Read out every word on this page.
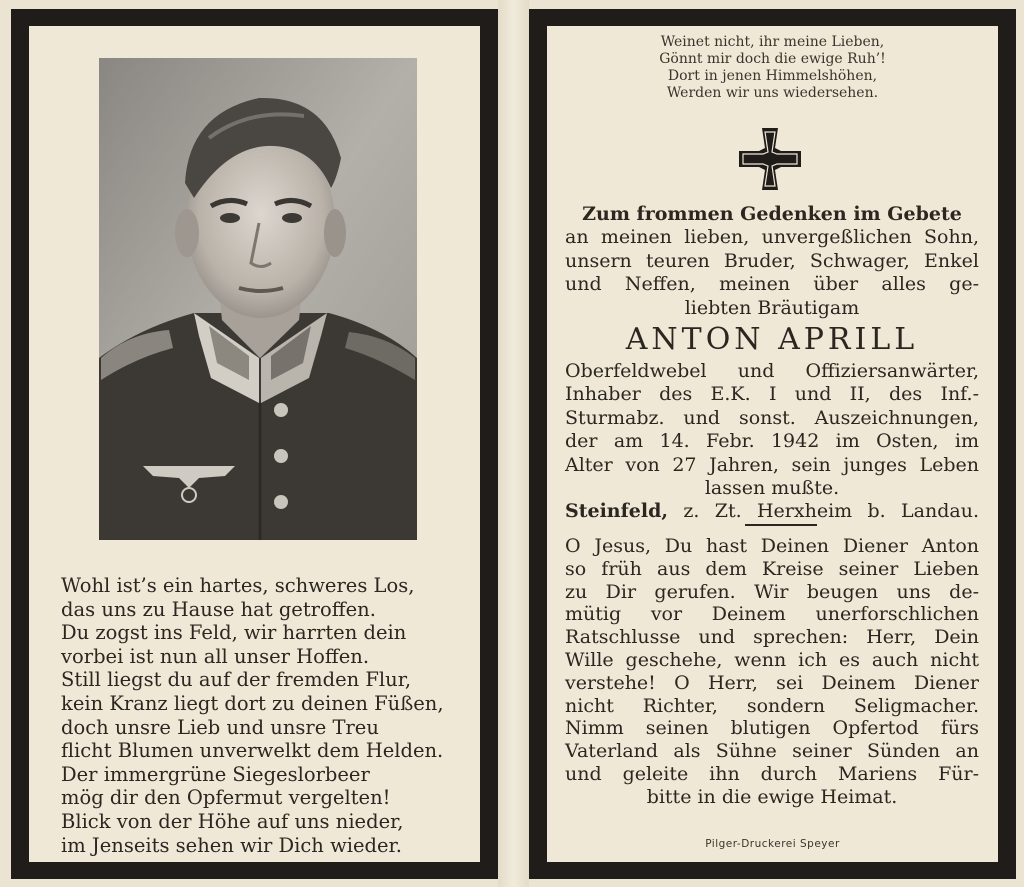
Wohl ist’s ein hartes, schweres Los,
das uns zu Hause hat getroffen.
Du zogst ins Feld, wir harrten dein
vorbei ist nun all unser Hoffen.
Still liegst du auf der fremden Flur,
kein Kranz liegt dort zu deinen Füßen,
doch unsre Lieb und unsre Treu
flicht Blumen unverwelkt dem Helden.
Der immergrüne Siegeslorbeer
mög dir den Opfermut vergelten!
Blick von der Höhe auf uns nieder,
im Jenseits sehen wir Dich wieder.
Weinet nicht, ihr meine Lieben,
Gönnt mir doch die ewige Ruh’!
Dort in jenen Himmelshöhen,
Werden wir uns wiedersehen.
1939
Zum frommen Gedenken im Gebete
an meinen lieben, unvergeßlichen Sohn,
unsern teuren Bruder, Schwager, Enkel
und Neffen, meinen über alles ge-
liebten Bräutigam
ANTON APRILL
Oberfeldwebel und Offiziersanwärter,
Inhaber des E.K. I und II, des Inf.-
Sturmabz. und sonst. Auszeichnungen,
der am 14. Febr. 1942 im Osten, im
Alter von 27 Jahren, sein junges Leben
lassen mußte.
Steinfeld, z. Zt. Herxheim b. Landau.
O Jesus, Du hast Deinen Diener Anton
so früh aus dem Kreise seiner Lieben
zu Dir gerufen. Wir beugen uns de-
mütig vor Deinem unerforschlichen
Ratschlusse und sprechen: Herr, Dein
Wille geschehe, wenn ich es auch nicht
verstehe! O Herr, sei Deinem Diener
nicht Richter, sondern Seligmacher.
Nimm seinen blutigen Opfertod fürs
Vaterland als Sühne seiner Sünden an
und geleite ihn durch Mariens Für-
bitte in die ewige Heimat.
Pilger-Druckerei Speyer
